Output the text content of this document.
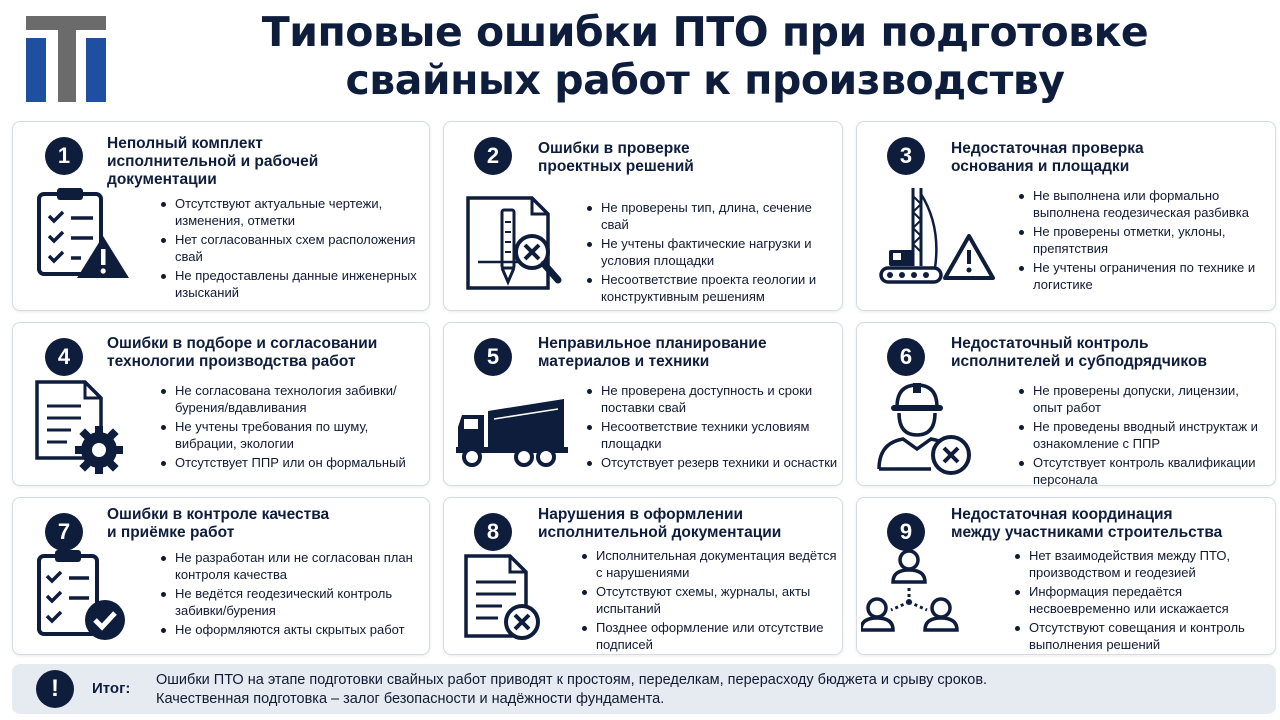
Типовые ошибки ПТО при подготовке
свайных работ к производству
1	Неполный комплект
исполнительной и рабочей
документации
Отсутствуют актуальные чертежи, изменения, отметки
Нет согласованных схем расположения свай
Не предоставлены данные инженерных изысканий
2	Ошибки в проверке
проектных решений
Не проверены тип, длина, сечение свай
Не учтены фактические нагрузки и условия площадки
Несоответствие проекта геологии и конструктивным решениям
3	Недостаточная проверка
основания и площадки
Не выполнена или формально выполнена геодезическая разбивка
Не проверены отметки, уклоны, препятствия
Не учтены ограничения по технике и логистике
4
Ошибки в подборе и согласовании
технологии производства работ
Не согласована технология забивки/ бурения/вдавливания
Не учтены требования по шуму, вибрации, экологии
Отсутствует ППР или он формальный
5
Неправильное планирование
материалов и техники
Не проверена доступность и сроки поставки свай
Несоответствие техники условиям площадки
Отсутствует резерв техники и оснастки
6
Недостаточный контроль
исполнителей и субподрядчиков
Не проверены допуски, лицензии, опыт работ
Не проведены вводный инструктаж и ознакомление с ППР
Отсутствует контроль квалификации персонала
7
Ошибки в контроле качества
и приёмке работ
Не разработан или не согласован план контроля качества
Не ведётся геодезический контроль забивки/бурения
Не оформляются акты скрытых работ
8
Нарушения в оформлении
исполнительной документации
Исполнительная документация ведётся с нарушениями
Отсутствуют схемы, журналы, акты испытаний
Позднее оформление или отсутствие подписей
9
Недостаточная координация
между участниками строительства
Нет взаимодействия между ПТО, производством и геодезией
Информация передаётся несвоевременно или искажается
Отсутствуют совещания и контроль выполнения решений
!	Итог: Ошибки ПТО на этапе подготовки свайных работ приводят к простоям, переделкам, перерасходу бюджета и срыву сроков.
Качественная подготовка – залог безопасности и надёжности фундамента.
